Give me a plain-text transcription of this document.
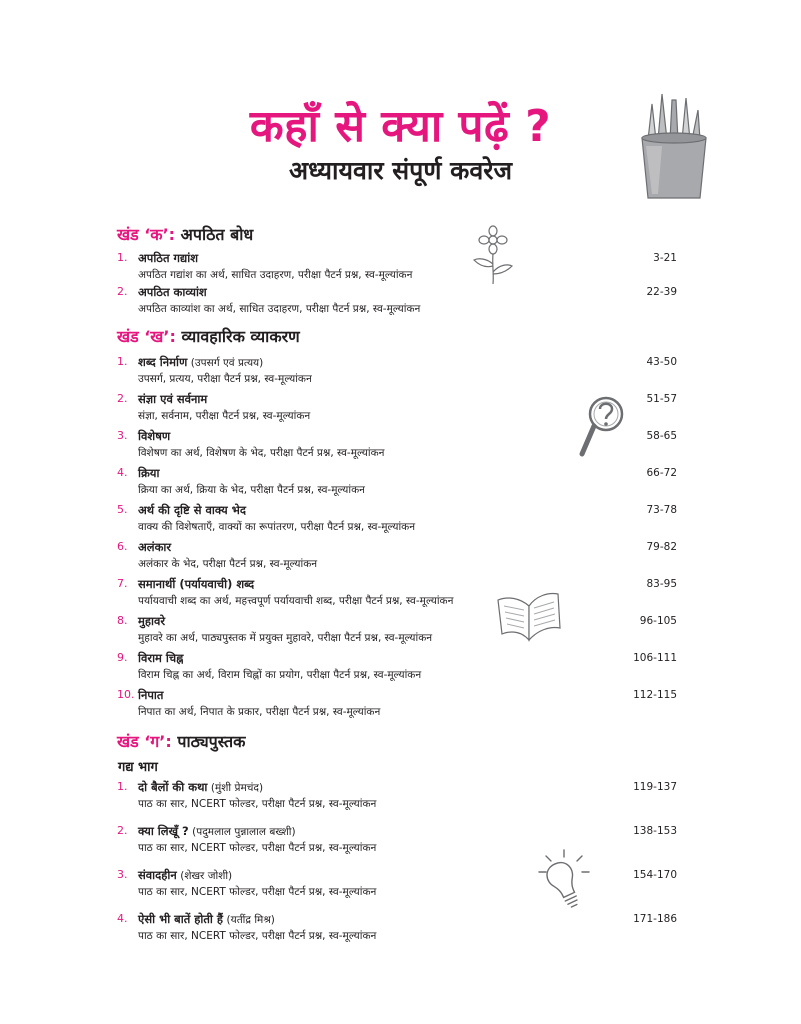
कहाँ से क्या पढ़ें ?
अध्यायवार संपूर्ण कवरेज
खंड ‘क’: अपठित बोध
1. अपठित गद्यांश	3-21
अपठित गद्यांश का अर्थ, साधित उदाहरण, परीक्षा पैटर्न प्रश्न, स्व-मूल्यांकन
2. अपठित काव्यांश	22-39
अपठित काव्यांश का अर्थ, साधित उदाहरण, परीक्षा पैटर्न प्रश्न, स्व-मूल्यांकन
खंड ‘ख’: व्यावहारिक व्याकरण
1. शब्द निर्माण (उपसर्ग एवं प्रत्यय)	43-50
उपसर्ग, प्रत्यय, परीक्षा पैटर्न प्रश्न, स्व-मूल्यांकन
2. संज्ञा एवं सर्वनाम	51-57
संज्ञा, सर्वनाम, परीक्षा पैटर्न प्रश्न, स्व-मूल्यांकन
3. विशेषण	58-65
विशेषण का अर्थ, विशेषण के भेद, परीक्षा पैटर्न प्रश्न, स्व-मूल्यांकन
4. क्रिया	66-72
क्रिया का अर्थ, क्रिया के भेद, परीक्षा पैटर्न प्रश्न, स्व-मूल्यांकन
5. अर्थ की दृष्टि से वाक्य भेद	73-78
वाक्य की विशेषताएँ, वाक्यों का रूपांतरण, परीक्षा पैटर्न प्रश्न, स्व-मूल्यांकन
6. अलंकार	79-82
अलंकार के भेद, परीक्षा पैटर्न प्रश्न, स्व-मूल्यांकन
7. समानार्थी (पर्यायवाची) शब्द	83-95
पर्यायवाची शब्द का अर्थ, महत्त्वपूर्ण पर्यायवाची शब्द, परीक्षा पैटर्न प्रश्न, स्व-मूल्यांकन
8. मुहावरे	96-105
मुहावरे का अर्थ, पाठ्यपुस्तक में प्रयुक्त मुहावरे, परीक्षा पैटर्न प्रश्न, स्व-मूल्यांकन
9. विराम चिह्न	106-111
विराम चिह्न का अर्थ, विराम चिह्नों का प्रयोग, परीक्षा पैटर्न प्रश्न, स्व-मूल्यांकन
10. निपात	112-115
निपात का अर्थ, निपात के प्रकार, परीक्षा पैटर्न प्रश्न, स्व-मूल्यांकन
खंड ‘ग’: पाठ्यपुस्तक
गद्य भाग
1. दो बैलों की कथा (मुंशी प्रेमचंद)	119-137
पाठ का सार, NCERT फोल्डर, परीक्षा पैटर्न प्रश्न, स्व-मूल्यांकन
2. क्या लिखूँ ? (पदुमलाल पुन्नालाल बख्शी)	138-153
पाठ का सार, NCERT फोल्डर, परीक्षा पैटर्न प्रश्न, स्व-मूल्यांकन
3. संवादहीन (शेखर जोशी)	154-170
पाठ का सार, NCERT फोल्डर, परीक्षा पैटर्न प्रश्न, स्व-मूल्यांकन
4. ऐसी भी बातें होती हैं (यतींद्र मिश्र)	171-186
पाठ का सार, NCERT फोल्डर, परीक्षा पैटर्न प्रश्न, स्व-मूल्यांकन
